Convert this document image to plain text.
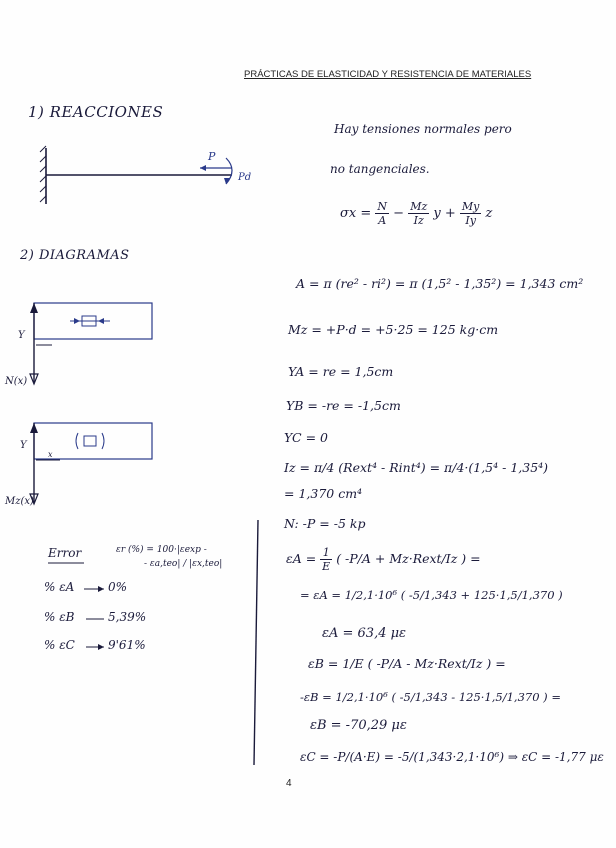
PRÁCTICAS DE ELASTICIDAD Y RESISTENCIA DE MATERIALES
1) REACCIONES
P
Pd
2) DIAGRAMAS
Y
N(x)
Y
x
Mz(x)
Hay tensiones normales pero
no tangenciales.
$\sigma x = \frac{N}{A} - \frac{Mz}{Iz}$ $y + \frac{My}{Iy}$ z
A = π (re² - ri²) = π (1,5² - 1,35²) = 1,343 cm²
Mz = +P·d = +5·25 = 125 kg·cm
YA = re = 1,5cm
YB = -re = -1,5cm
YC = 0
Iz = π/4 (Rext⁴ - Rint⁴) = π/4·(1,5⁴ - 1,35⁴)
= 1,370 cm⁴
N: -P = -5 kp
$\varepsilon A = \frac{1}{E}$ ( -P/A + Mz·Rext/Iz ) =
= εA = 1/2,1·10⁶ ( -5/1,343 + 125·1,5/1,370 )
εA = 63,4 με
εB = 1/E ( -P/A - Mz·Rext/Iz ) =
-εB = 1/2,1·10⁶ ( -5/1,343 - 125·1,5/1,370 ) =
εB = -70,29 με
εC = -P/(A·E) = -5/(1,343·2,1·10⁶) ⇒ εC = -1,77 με
Error	εr (%) = 100·|εexp -
- εa,teo| / |εx,teo|
% εA	0%
% εB	5,39%
% εC	9'61%
4
